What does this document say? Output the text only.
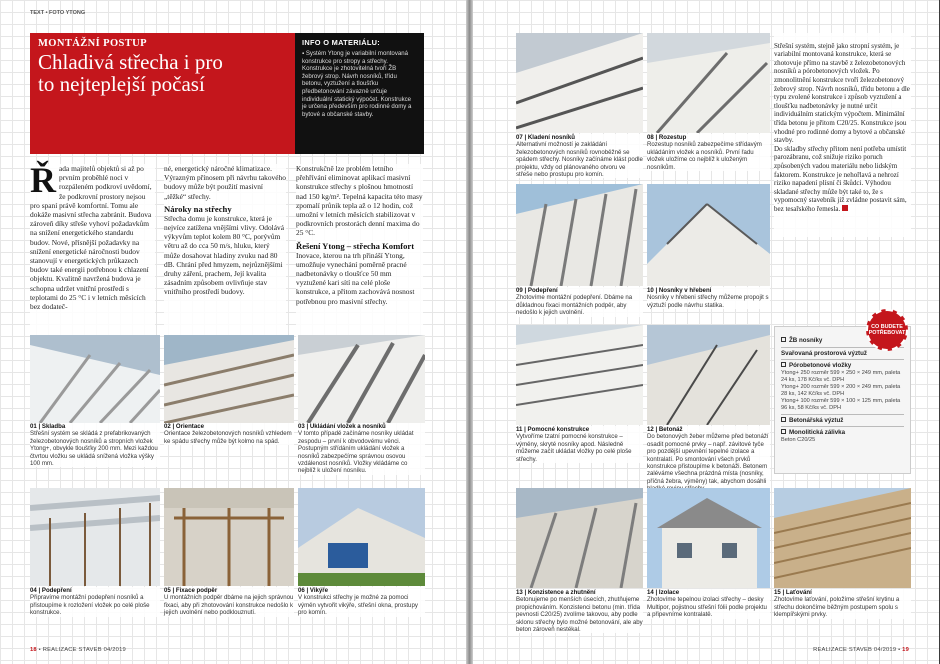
TEXT • FOTO YTONG
MONTÁŽNÍ POSTUP
Chladivá střecha i pro to nejteplejší počasí
INFO O MATERIÁLU:
▪ Systém Ytong je variabilní montovaná konstrukce pro stropy a střechy. Konstrukce je zhotovitelná tvoří ŽB žebrový strop. Návrh nosníků, třídu betonu, vyztužení a tloušťku předbetonování závazně určuje individuální statický výpočet. Konstrukce je určena především pro rodinné domy a bytové a občanské stavby.
Ř ada majitelů objektů si až po prvním proběhlé noci v rozpáleném podkroví uvědomí, že podkrovní prostory nejsou pro spaní právě komfortní. Tomu ale dokáže masivní střecha zabránit. Budova zároveň díky střeše vyhoví požadavkům na snížení energetického standardu budov. Nové, přísnější požadavky na snížení energetické náročnosti budov stanovují v energetických průkazech budov také energii potřebnou k chlazení objektu. Kvalitně navržená budova je schopna udržet vnitřní prostředí s teplotami do 25 °C i v letních měsících bez dodateč-
né, energetický náročné klimatizace. Výrazným přínosem při návrhu takového budovy může být použití masivní „těžké“ střechy.
Nároky na střechy
Střecha domu je konstrukce, která je nejvíce zatížena vnějšími vlivy. Odolává výkyvům teplot kolem 80 °C, porývům větru až do cca 50 m/s, hluku, který může dosahovat hladiny zvuku nad 80 dB. Chrání před hmyzem, nejrůznějšími druhy záření, prachem, Její kvalita zásadním způsobem ovlivňuje stav vnitřního prostředí budovy.
Konstrukčně lze problém letního přehřívání eliminovat aplikací masivní konstrukce střechy s plošnou hmotností nad 150 kg/m². Tepelná kapacita této masy zpomalí průnik tepla až o 12 hodin, což umožní v letních měsících stabilizovat v podkrovních prostorách denní maxima do 25 °C.
Řešení Ytong – střecha Komfort
Inovace, kterou na trh přináší Ytong, umožňuje vynechání poměrně pracné nadbetonávky o tloušťce 50 mm vyztužené kari sítí na celé ploše konstrukce, a přitom zachovává nosnost potřebnou pro masivní střechy.
01 | Skladba
Střešní systém se skládá z prefabrikovaných železobetonových nosníků a stropních vložek Ytong+, obvykle tloušťky 200 mm. Mezi každou čtvrtou vložku se ukládá snížená vložka výšky 100 mm.
02 | Orientace
Orientace železobetonových nosníků vzhledem ke spádu střechy může být kolmo na spád.
03 | Ukládání vložek a nosníků
V tomto případě začínáme nosníky ukládat zespodu – první k obvodovému věnci. Postupným střídáním ukládání vložek a nosníků zabezpečíme správnou osovou vzdálenost nosníků. Vložky vkládáme co nejblíž k uložení nosníku.
04 | Podepření
Připravíme montážní podepření nosníků a přistoupíme k rozložení vložek po celé ploše konstrukce.
05 | Fixace podpěr
U montážních podpěr dbáme na jejich správnou fixaci, aby při zhotovování konstrukce nedošlo k jejich uvolnění nebo podklouznutí.
06 | Vikýře
V konstrukci střechy je možné za pomoci výměn vytvořit vikýře, střešní okna, prostupy pro komín.
18 • REALIZACE STAVEB 04/2019
07 | Kladení nosníků
Alternativní možností je zakládání železobetonových nosníků rovnoběžně se spádem střechy. Nosníky začínáme klást podle projektu, vždy od plánovaného otvoru ve střeše nebo prostupu pro komín.
08 | Rozestup
Rozestup nosníků zabezpečíme střídavým ukládáním vložek a nosníků. První řadu vložek uložíme co nejblíž k uloženým nosníkům.
09 | Podepření
Zhotovíme montážní podepření. Dbáme na důkladnou fixaci montážních podpěr, aby nedošlo k jejich uvolnění.
10 | Nosníky v hřebeni
Nosníky v hřebeni střechy můžeme propojit s výztuží podle návrhu statika.
11 | Pomocné konstrukce
Vytvoříme tzatní pomocné konstrukce – výměny, skryté nosníky apod. Následně můžeme začít ukládat vložky po celé ploše střechy.
12 | Betonáž
Do betonových žeber můžeme před betonáží osadit pomocné prvky – např. závitové tyče pro pozdější upevnění tepelné izolace a kontralatí. Po smontování všech prvků konstrukce přistoupíme k betonáži. Betonem zaléváme všechna prázdná místa (nosníky, příčná žebra, výměny) tak, abychom dosáhli
13 | Konzistence a zhutnění
Betonujeme po menších úsecích, zhutňujeme propichováním. Konzistenci betonu (min. třída pevnosti C20/25) zvolíme takovou, aby podle sklonu střechy bylo možné betonování, ale aby beton zároveň nestékal.
14 | Izolace
Zhotovíme tepelnou izolaci střechy – desky Multipor, pojistnou střešní fólii podle projektu a připevníme kontralatě.
15 | Laťování
Zhotovíme laťování, položíme střešní krytinu a střechu dokončíme běžným postupem spolu s klempířskými prvky.

Střešní systém, stejně jako stropní systém, je variabilní montovaná konstrukce, která se zhotovuje přímo na stavbě z železobetonových nosníků a pórobetonových vložek. Po zmonolitnění konstrukce tvoří železobetonový žebrový strop. Návrh nosníků, třídu betonu a dle typu zvolené konstrukce i způsob vyztužení a tloušťku nadbetonávky je nutné určit individuálním statickým výpočtem. Minimální třída betonu je přitom C20/25. Konstrukce jsou vhodné pro rodinné domy a bytové a občanské stavby.
Do skladby střechy přitom není potřeba umístit parozábranu, což snižuje riziko poruch způsobených vadou materiálu nebo lidským faktorem. Konstrukce je nehořlavá a nehrozí riziko napadení plísní či škůdci. Výhodou skladané střechy může být také to, že s vypomocný stavebník již zvládne postavit sám, bez tesařského řemesla.

CO BUDETE POTŘEBOVAT
ŽB nosníky
Svařovaná prostorová výztuž
Pórobetonové vložky
Ytong+ 250 rozměr 599 × 250 × 249 mm, paleta 24 ks, 178 Kč/ks vč. DPH
Ytong+ 200 rozměr 599 × 200 × 249 mm, paleta 28 ks, 142 Kč/ks vč. DPH
Ytong+ 100 rozměr 599 × 100 × 125 mm, paleta 96 ks, 58 Kč/ks vč. DPH
Betonářská výztuž
Monolitická zálivka
Beton C20/25
REALIZACE STAVEB 04/2019 • 19
